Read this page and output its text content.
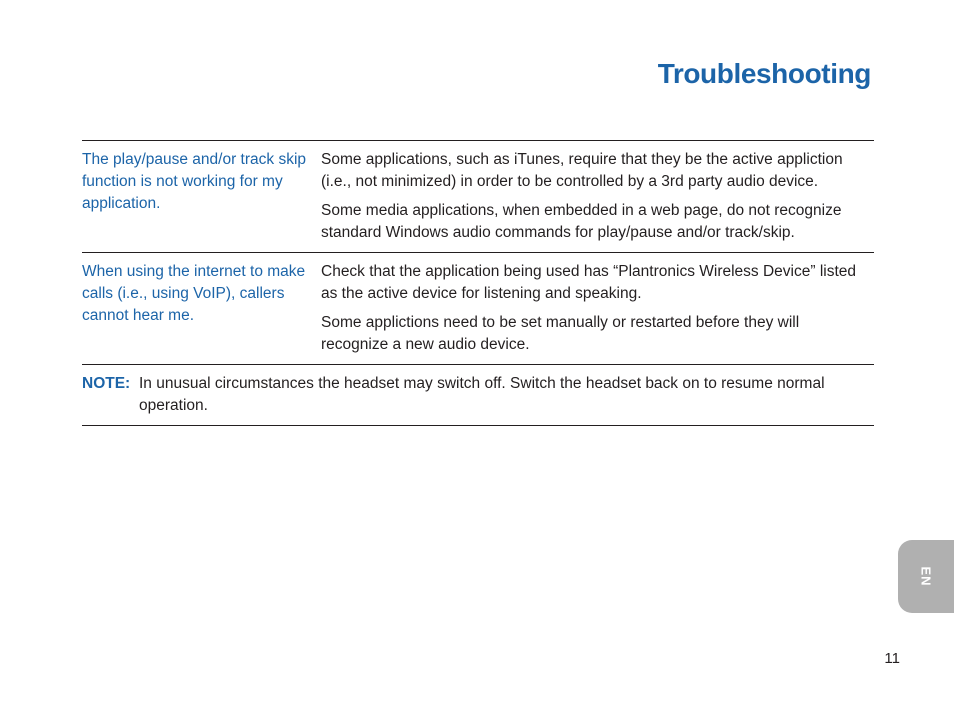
Troubleshooting
The play/pause and/or track skip function is not working for my application.

Some applications, such as iTunes, require that they be the active appliction (i.e., not minimized) in order to be controlled by a 3rd party audio device.

Some media applications, when embedded in a web page, do not recognize standard Windows audio commands for play/pause and/or track/skip.

When using the internet to make calls (i.e., using VoIP), callers cannot hear me.

Check that the application being used has “Plantronics Wireless Device” listed as the active device for listening and speaking.

Some applictions need to be set manually or restarted before they will recognize a new audio device.

NOTE: In unusual circumstances the headset may switch off. Switch the headset back on to resume normal operation.
EN
11
